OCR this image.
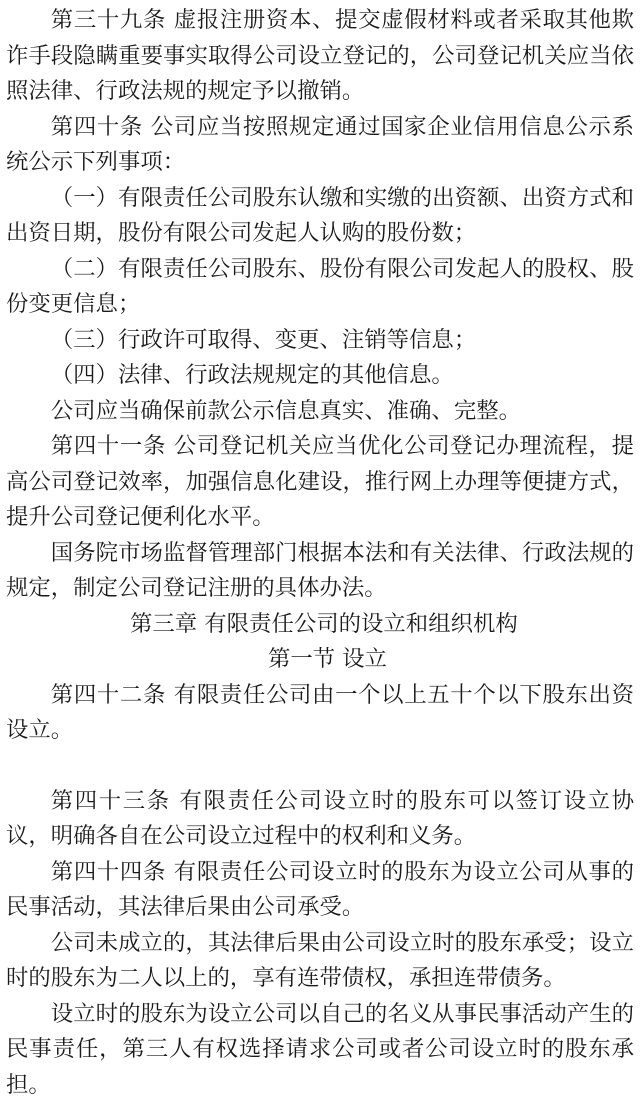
第三十九条 虚报注册资本、提交虚假材料或者采取其他欺诈手段隐瞒重要事实取得公司设立登记的，公司登记机关应当依照法律、行政法规的规定予以撤销。

第四十条 公司应当按照规定通过国家企业信用信息公示系统公示下列事项：

（一）有限责任公司股东认缴和实缴的出资额、出资方式和出资日期，股份有限公司发起人认购的股份数；

（二）有限责任公司股东、股份有限公司发起人的股权、股份变更信息；

（三）行政许可取得、变更、注销等信息；

（四）法律、行政法规规定的其他信息。

公司应当确保前款公示信息真实、准确、完整。

第四十一条 公司登记机关应当优化公司登记办理流程，提高公司登记效率，加强信息化建设，推行网上办理等便捷方式，提升公司登记便利化水平。

国务院市场监督管理部门根据本法和有关法律、行政法规的规定，制定公司登记注册的具体办法。

第三章 有限责任公司的设立和组织机构

第一节 设立

第四十二条 有限责任公司由一个以上五十个以下股东出资设立。

第四十三条 有限责任公司设立时的股东可以签订设立协议，明确各自在公司设立过程中的权利和义务。

第四十四条 有限责任公司设立时的股东为设立公司从事的民事活动，其法律后果由公司承受。

公司未成立的，其法律后果由公司设立时的股东承受；设立时的股东为二人以上的，享有连带债权，承担连带债务。

设立时的股东为设立公司以自己的名义从事民事活动产生的民事责任，第三人有权选择请求公司或者公司设立时的股东承担。
